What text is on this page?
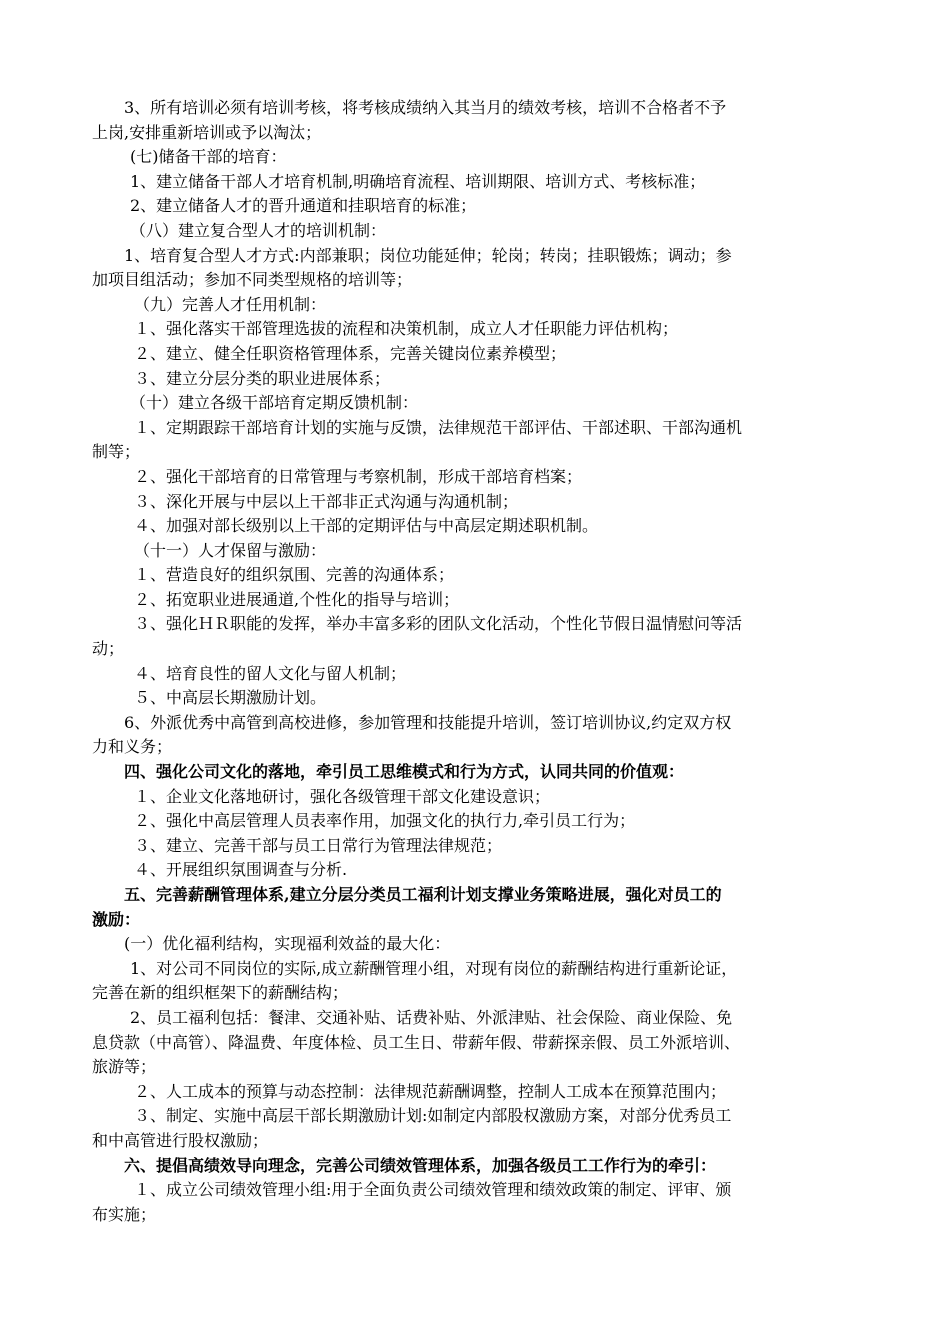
3、所有培训必须有培训考核，将考核成绩纳入其当月的绩效考核，培训不合格者不予
上岗,安排重新培训或予以淘汰；
(七)储备干部的培育：
1、建立储备干部人才培育机制,明确培育流程、培训期限、培训方式、考核标准；
2、建立储备人才的晋升通道和挂职培育的标准；
（八）建立复合型人才的培训机制：
1、培育复合型人才方式:内部兼职；岗位功能延伸；轮岗；转岗；挂职锻炼；调动；参
加项目组活动；参加不同类型规格的培训等；
（九）完善人才任用机制：
１、强化落实干部管理选拔的流程和决策机制，成立人才任职能力评估机构；
２、建立、健全任职资格管理体系，完善关键岗位素养模型；
３、建立分层分类的职业进展体系；
（十）建立各级干部培育定期反馈机制：
１、定期跟踪干部培育计划的实施与反馈，法律规范干部评估、干部述职、干部沟通机
制等；
２、强化干部培育的日常管理与考察机制，形成干部培育档案；
３、深化开展与中层以上干部非正式沟通与沟通机制；
４、加强对部长级别以上干部的定期评估与中高层定期述职机制。
（十一）人才保留与激励：
１、营造良好的组织氛围、完善的沟通体系；
２、拓宽职业进展通道,个性化的指导与培训；
３、强化ＨＲ职能的发挥，举办丰富多彩的团队文化活动，个性化节假日温情慰问等活
动；
４、培育良性的留人文化与留人机制；
５、中高层长期激励计划。
6、外派优秀中高管到高校进修，参加管理和技能提升培训，签订培训协议,约定双方权
力和义务；
四、强化公司文化的落地，牵引员工思维模式和行为方式，认同共同的价值观：
１、企业文化落地研讨，强化各级管理干部文化建设意识；
２、强化中高层管理人员表率作用，加强文化的执行力,牵引员工行为；
３、建立、完善干部与员工日常行为管理法律规范；
４、开展组织氛围调查与分析.
五、完善薪酬管理体系,建立分层分类员工福利计划支撑业务策略进展，强化对员工的
激励：
(一）优化福利结构，实现福利效益的最大化：
1、对公司不同岗位的实际,成立薪酬管理小组，对现有岗位的薪酬结构进行重新论证，
完善在新的组织框架下的薪酬结构；
2、员工福利包括：餐津、交通补贴、话费补贴、外派津贴、社会保险、商业保险、免
息贷款（中高管）、降温费、年度体检、员工生日、带薪年假、带薪探亲假、员工外派培训、
旅游等；
２、人工成本的预算与动态控制：法律规范薪酬调整，控制人工成本在预算范围内；
３、制定、实施中高层干部长期激励计划:如制定内部股权激励方案，对部分优秀员工
和中高管进行股权激励；
六、提倡高绩效导向理念，完善公司绩效管理体系，加强各级员工工作行为的牵引：
１、成立公司绩效管理小组:用于全面负责公司绩效管理和绩效政策的制定、评审、颁
布实施；
